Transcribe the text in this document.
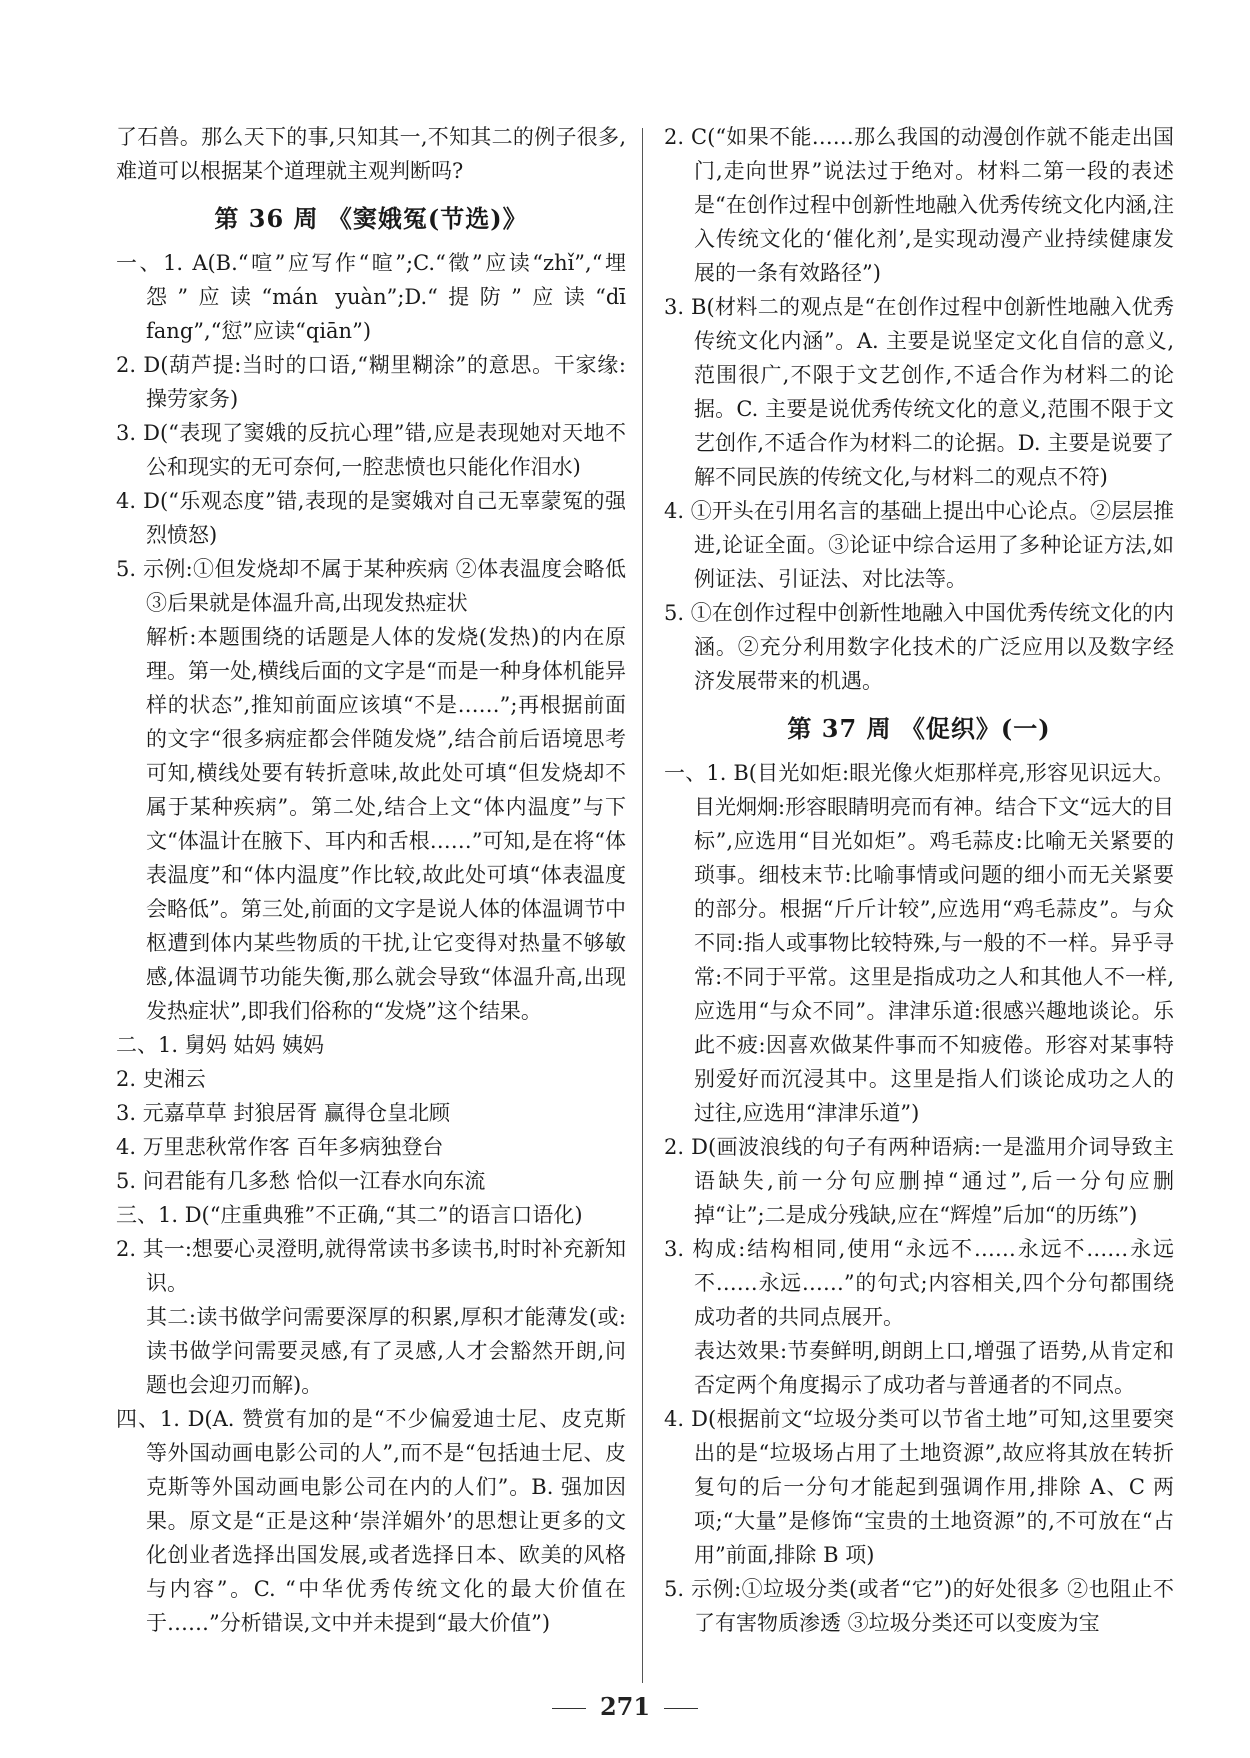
了石兽。那么天下的事,只知其一,不知其二的例子很多,难道可以根据某个道理就主观判断吗?

第 36 周 《窦娥冤(节选)》

一、1. A(B.“喧”应写作“暄”;C.“徵”应读“zhǐ”,“埋怨”应读“mán yuàn”;D.“提防”应读“dī fang”,“愆”应读“qiān”)

2. D(葫芦提:当时的口语,“糊里糊涂”的意思。干家缘:操劳家务)

3. D(“表现了窦娥的反抗心理”错,应是表现她对天地不公和现实的无可奈何,一腔悲愤也只能化作泪水)

4. D(“乐观态度”错,表现的是窦娥对自己无辜蒙冤的强烈愤怒)

5. 示例:①但发烧却不属于某种疾病 ②体表温度会略低 ③后果就是体温升高,出现发热症状

解析:本题围绕的话题是人体的发烧(发热)的内在原理。第一处,横线后面的文字是“而是一种身体机能异样的状态”,推知前面应该填“不是……”;再根据前面的文字“很多病症都会伴随发烧”,结合前后语境思考可知,横线处要有转折意味,故此处可填“但发烧却不属于某种疾病”。第二处,结合上文“体内温度”与下文“体温计在腋下、耳内和舌根……”可知,是在将“体表温度”和“体内温度”作比较,故此处可填“体表温度会略低”。第三处,前面的文字是说人体的体温调节中枢遭到体内某些物质的干扰,让它变得对热量不够敏感,体温调节功能失衡,那么就会导致“体温升高,出现发热症状”,即我们俗称的“发烧”这个结果。

二、1. 舅妈 姑妈 姨妈

2. 史湘云

3. 元嘉草草 封狼居胥 赢得仓皇北顾

4. 万里悲秋常作客 百年多病独登台

5. 问君能有几多愁 恰似一江春水向东流

三、1. D(“庄重典雅”不正确,“其二”的语言口语化)

2. 其一:想要心灵澄明,就得常读书多读书,时时补充新知识。

其二:读书做学问需要深厚的积累,厚积才能薄发(或:读书做学问需要灵感,有了灵感,人才会豁然开朗,问题也会迎刃而解)。

四、1. D(A. 赞赏有加的是“不少偏爱迪士尼、皮克斯等外国动画电影公司的人”,而不是“包括迪士尼、皮克斯等外国动画电影公司在内的人们”。B. 强加因果。原文是“正是这种‘崇洋媚外’的思想让更多的文化创业者选择出国发展,或者选择日本、欧美的风格与内容”。C. “中华优秀传统文化的最大价值在于……”分析错误,文中并未提到“最大价值”)

2. C(“如果不能……那么我国的动漫创作就不能走出国门,走向世界”说法过于绝对。材料二第一段的表述是“在创作过程中创新性地融入优秀传统文化内涵,注入传统文化的‘催化剂’,是实现动漫产业持续健康发展的一条有效路径”)

3. B(材料二的观点是“在创作过程中创新性地融入优秀传统文化内涵”。A. 主要是说坚定文化自信的意义,范围很广,不限于文艺创作,不适合作为材料二的论据。C. 主要是说优秀传统文化的意义,范围不限于文艺创作,不适合作为材料二的论据。D. 主要是说要了解不同民族的传统文化,与材料二的观点不符)

4. ①开头在引用名言的基础上提出中心论点。②层层推进,论证全面。③论证中综合运用了多种论证方法,如例证法、引证法、对比法等。

5. ①在创作过程中创新性地融入中国优秀传统文化的内涵。②充分利用数字化技术的广泛应用以及数字经济发展带来的机遇。

第 37 周 《促织》(一)

一、1. B(目光如炬:眼光像火炬那样亮,形容见识远大。目光炯炯:形容眼睛明亮而有神。结合下文“远大的目标”,应选用“目光如炬”。鸡毛蒜皮:比喻无关紧要的琐事。细枝末节:比喻事情或问题的细小而无关紧要的部分。根据“斤斤计较”,应选用“鸡毛蒜皮”。与众不同:指人或事物比较特殊,与一般的不一样。异乎寻常:不同于平常。这里是指成功之人和其他人不一样,应选用“与众不同”。津津乐道:很感兴趣地谈论。乐此不疲:因喜欢做某件事而不知疲倦。形容对某事特别爱好而沉浸其中。这里是指人们谈论成功之人的过往,应选用“津津乐道”)

2. D(画波浪线的句子有两种语病:一是滥用介词导致主语缺失,前一分句应删掉“通过”,后一分句应删掉“让”;二是成分残缺,应在“辉煌”后加“的历练”)

3. 构成:结构相同,使用“永远不……永远不……永远不……永远……”的句式;内容相关,四个分句都围绕成功者的共同点展开。

表达效果:节奏鲜明,朗朗上口,增强了语势,从肯定和否定两个角度揭示了成功者与普通者的不同点。

4. D(根据前文“垃圾分类可以节省土地”可知,这里要突出的是“垃圾场占用了土地资源”,故应将其放在转折复句的后一分句才能起到强调作用,排除 A、C 两项;“大量”是修饰“宝贵的土地资源”的,不可放在“占用”前面,排除 B 项)

5. 示例:①垃圾分类(或者“它”)的好处很多 ②也阻止不了有害物质渗透 ③垃圾分类还可以变废为宝

271
